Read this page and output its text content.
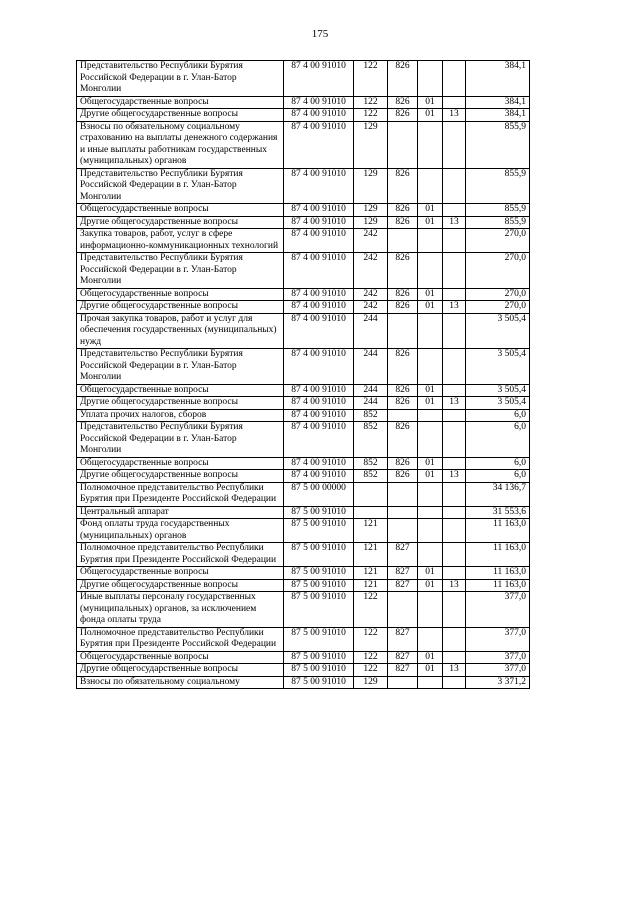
175
Представительство Республики Бурятия Российской Федерации в г. Улан-Батор Монголии	87 4 00 91010	122	826			384,1
Общегосударственные вопросы	87 4 00 91010	122	826	01		384,1
Другие общегосударственные вопросы	87 4 00 91010	122	826	01	13	384,1
Взносы по обязательному социальному страхованию на выплаты денежного содержания и иные выплаты работникам государственных (муниципальных) органов	87 4 00 91010	129				855,9
Представительство Республики Бурятия Российской Федерации в г. Улан-Батор Монголии	87 4 00 91010	129	826			855,9
Общегосударственные вопросы	87 4 00 91010	129	826	01		855,9
Другие общегосударственные вопросы	87 4 00 91010	129	826	01	13	855,9
Закупка товаров, работ, услуг в сфере информационно-коммуникационных технологий	87 4 00 91010	242				270,0
Представительство Республики Бурятия Российской Федерации в г. Улан-Батор Монголии	87 4 00 91010	242	826			270,0
Общегосударственные вопросы	87 4 00 91010	242	826	01		270,0
Другие общегосударственные вопросы	87 4 00 91010	242	826	01	13	270,0
Прочая закупка товаров, работ и услуг для обеспечения государственных (муниципальных) нужд	87 4 00 91010	244				3 505,4
Представительство Республики Бурятия Российской Федерации в г. Улан-Батор Монголии	87 4 00 91010	244	826			3 505,4
Общегосударственные вопросы	87 4 00 91010	244	826	01		3 505,4
Другие общегосударственные вопросы	87 4 00 91010	244	826	01	13	3 505,4
Уплата прочих налогов, сборов	87 4 00 91010	852				6,0
Представительство Республики Бурятия Российской Федерации в г. Улан-Батор Монголии	87 4 00 91010	852	826			6,0
Общегосударственные вопросы	87 4 00 91010	852	826	01		6,0
Другие общегосударственные вопросы	87 4 00 91010	852	826	01	13	6,0
Полномочное представительство Республики Бурятия при Президенте Российской Федерации	87 5 00 00000					34 136,7
Центральный аппарат	87 5 00 91010					31 553,6
Фонд оплаты труда государственных (муниципальных) органов	87 5 00 91010	121				11 163,0
Полномочное представительство Республики Бурятия при Президенте Российской Федерации	87 5 00 91010	121	827			11 163,0
Общегосударственные вопросы	87 5 00 91010	121	827	01		11 163,0
Другие общегосударственные вопросы	87 5 00 91010	121	827	01	13	11 163,0
Иные выплаты персоналу государственных (муниципальных) органов, за исключением фонда оплаты труда	87 5 00 91010	122				377,0
Полномочное представительство Республики Бурятия при Президенте Российской Федерации	87 5 00 91010	122	827			377,0
Общегосударственные вопросы	87 5 00 91010	122	827	01		377,0
Другие общегосударственные вопросы	87 5 00 91010	122	827	01	13	377,0
Взносы по обязательному социальному	87 5 00 91010	129				3 371,2
